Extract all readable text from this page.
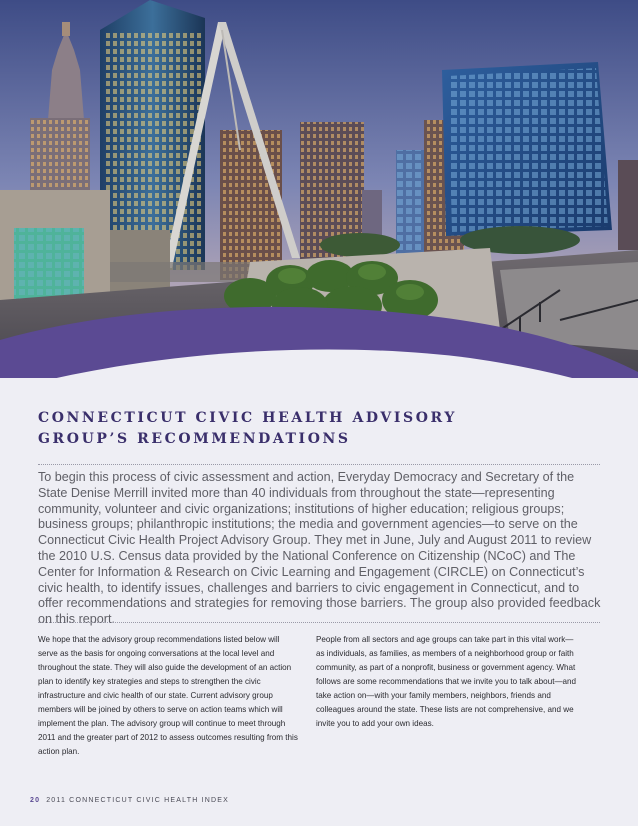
CONNECTICUT CIVIC HEALTH ADVISORY
GROUP’S RECOMMENDATIONS

To begin this process of civic assessment and action, Everyday Democracy and Secretary of the State Denise Merrill invited more than 40 individuals from throughout the state—representing community, volunteer and civic organizations; institutions of higher education; religious groups; business groups; philanthropic institutions; the media and government agencies—to serve on the Connecticut Civic Health Project Advisory Group. They met in June, July and August 2011 to review the 2010 U.S. Census data provided by the National Conference on Citizenship (NCoC) and The Center for Information & Research on Civic Learning and Engagement (CIRCLE) on Connecticut’s civic health, to identify issues, challenges and barriers to civic engagement in Connecticut, and to offer recommendations and strategies for removing those barriers. The group also provided feedback on this report.

We hope that the advisory group recommendations listed below will serve as the basis for ongoing conversations at the local level and throughout the state. They will also guide the development of an action plan to identify key strategies and steps to strengthen the civic infrastructure and civic health of our state. Current advisory group members will be joined by others to serve on action teams which will implement the plan. The advisory group will continue to meet through 2011 and the greater part of 2012 to assess outcomes resulting from this action plan.

People from all sectors and age groups can take part in this vital work—as individuals, as families, as members of a neighborhood group or faith community, as part of a nonprofit, business or government agency. What follows are some recommendations that we invite you to talk about—and take action on—with your family members, neighbors, friends and colleagues around the state. These lists are not comprehensive, and we invite you to add your own ideas.

20 2011 CONNECTICUT CIVIC HEALTH INDEX
